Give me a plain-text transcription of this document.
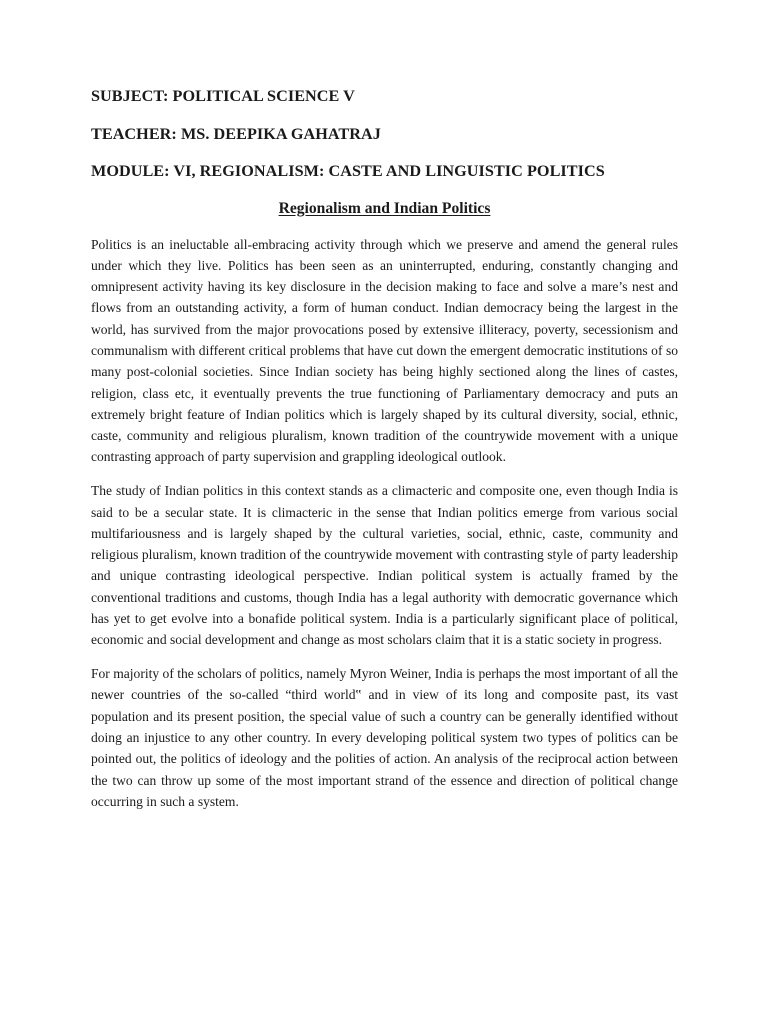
SUBJECT: POLITICAL SCIENCE V
TEACHER: MS. DEEPIKA GAHATRAJ
MODULE: VI, REGIONALISM: CASTE AND LINGUISTIC POLITICS
Regionalism and Indian Politics

Politics is an ineluctable all-embracing activity through which we preserve and amend the general rules under which they live. Politics has been seen as an uninterrupted, enduring, constantly changing and omnipresent activity having its key disclosure in the decision making to face and solve a mare’s nest and flows from an outstanding activity, a form of human conduct. Indian democracy being the largest in the world, has survived from the major provocations posed by extensive illiteracy, poverty, secessionism and communalism with different critical problems that have cut down the emergent democratic institutions of so many post-colonial societies. Since Indian society has being highly sectioned along the lines of castes, religion, class etc, it eventually prevents the true functioning of Parliamentary democracy and puts an extremely bright feature of Indian politics which is largely shaped by its cultural diversity, social, ethnic, caste, community and religious pluralism, known tradition of the countrywide movement with a unique contrasting approach of party supervision and grappling ideological outlook.

The study of Indian politics in this context stands as a climacteric and composite one, even though India is said to be a secular state. It is climacteric in the sense that Indian politics emerge from various social multifariousness and is largely shaped by the cultural varieties, social, ethnic, caste, community and religious pluralism, known tradition of the countrywide movement with contrasting style of party leadership and unique contrasting ideological perspective. Indian political system is actually framed by the conventional traditions and customs, though India has a legal authority with democratic governance which has yet to get evolve into a bonafide political system. India is a particularly significant place of political, economic and social development and change as most scholars claim that it is a static society in progress.

For majority of the scholars of politics, namely Myron Weiner, India is perhaps the most important of all the newer countries of the so-called “third world‟ and in view of its long and composite past, its vast population and its present position, the special value of such a country can be generally identified without doing an injustice to any other country. In every developing political system two types of politics can be pointed out, the politics of ideology and the polities of action. An analysis of the reciprocal action between the two can throw up some of the most important strand of the essence and direction of political change occurring in such a system.
